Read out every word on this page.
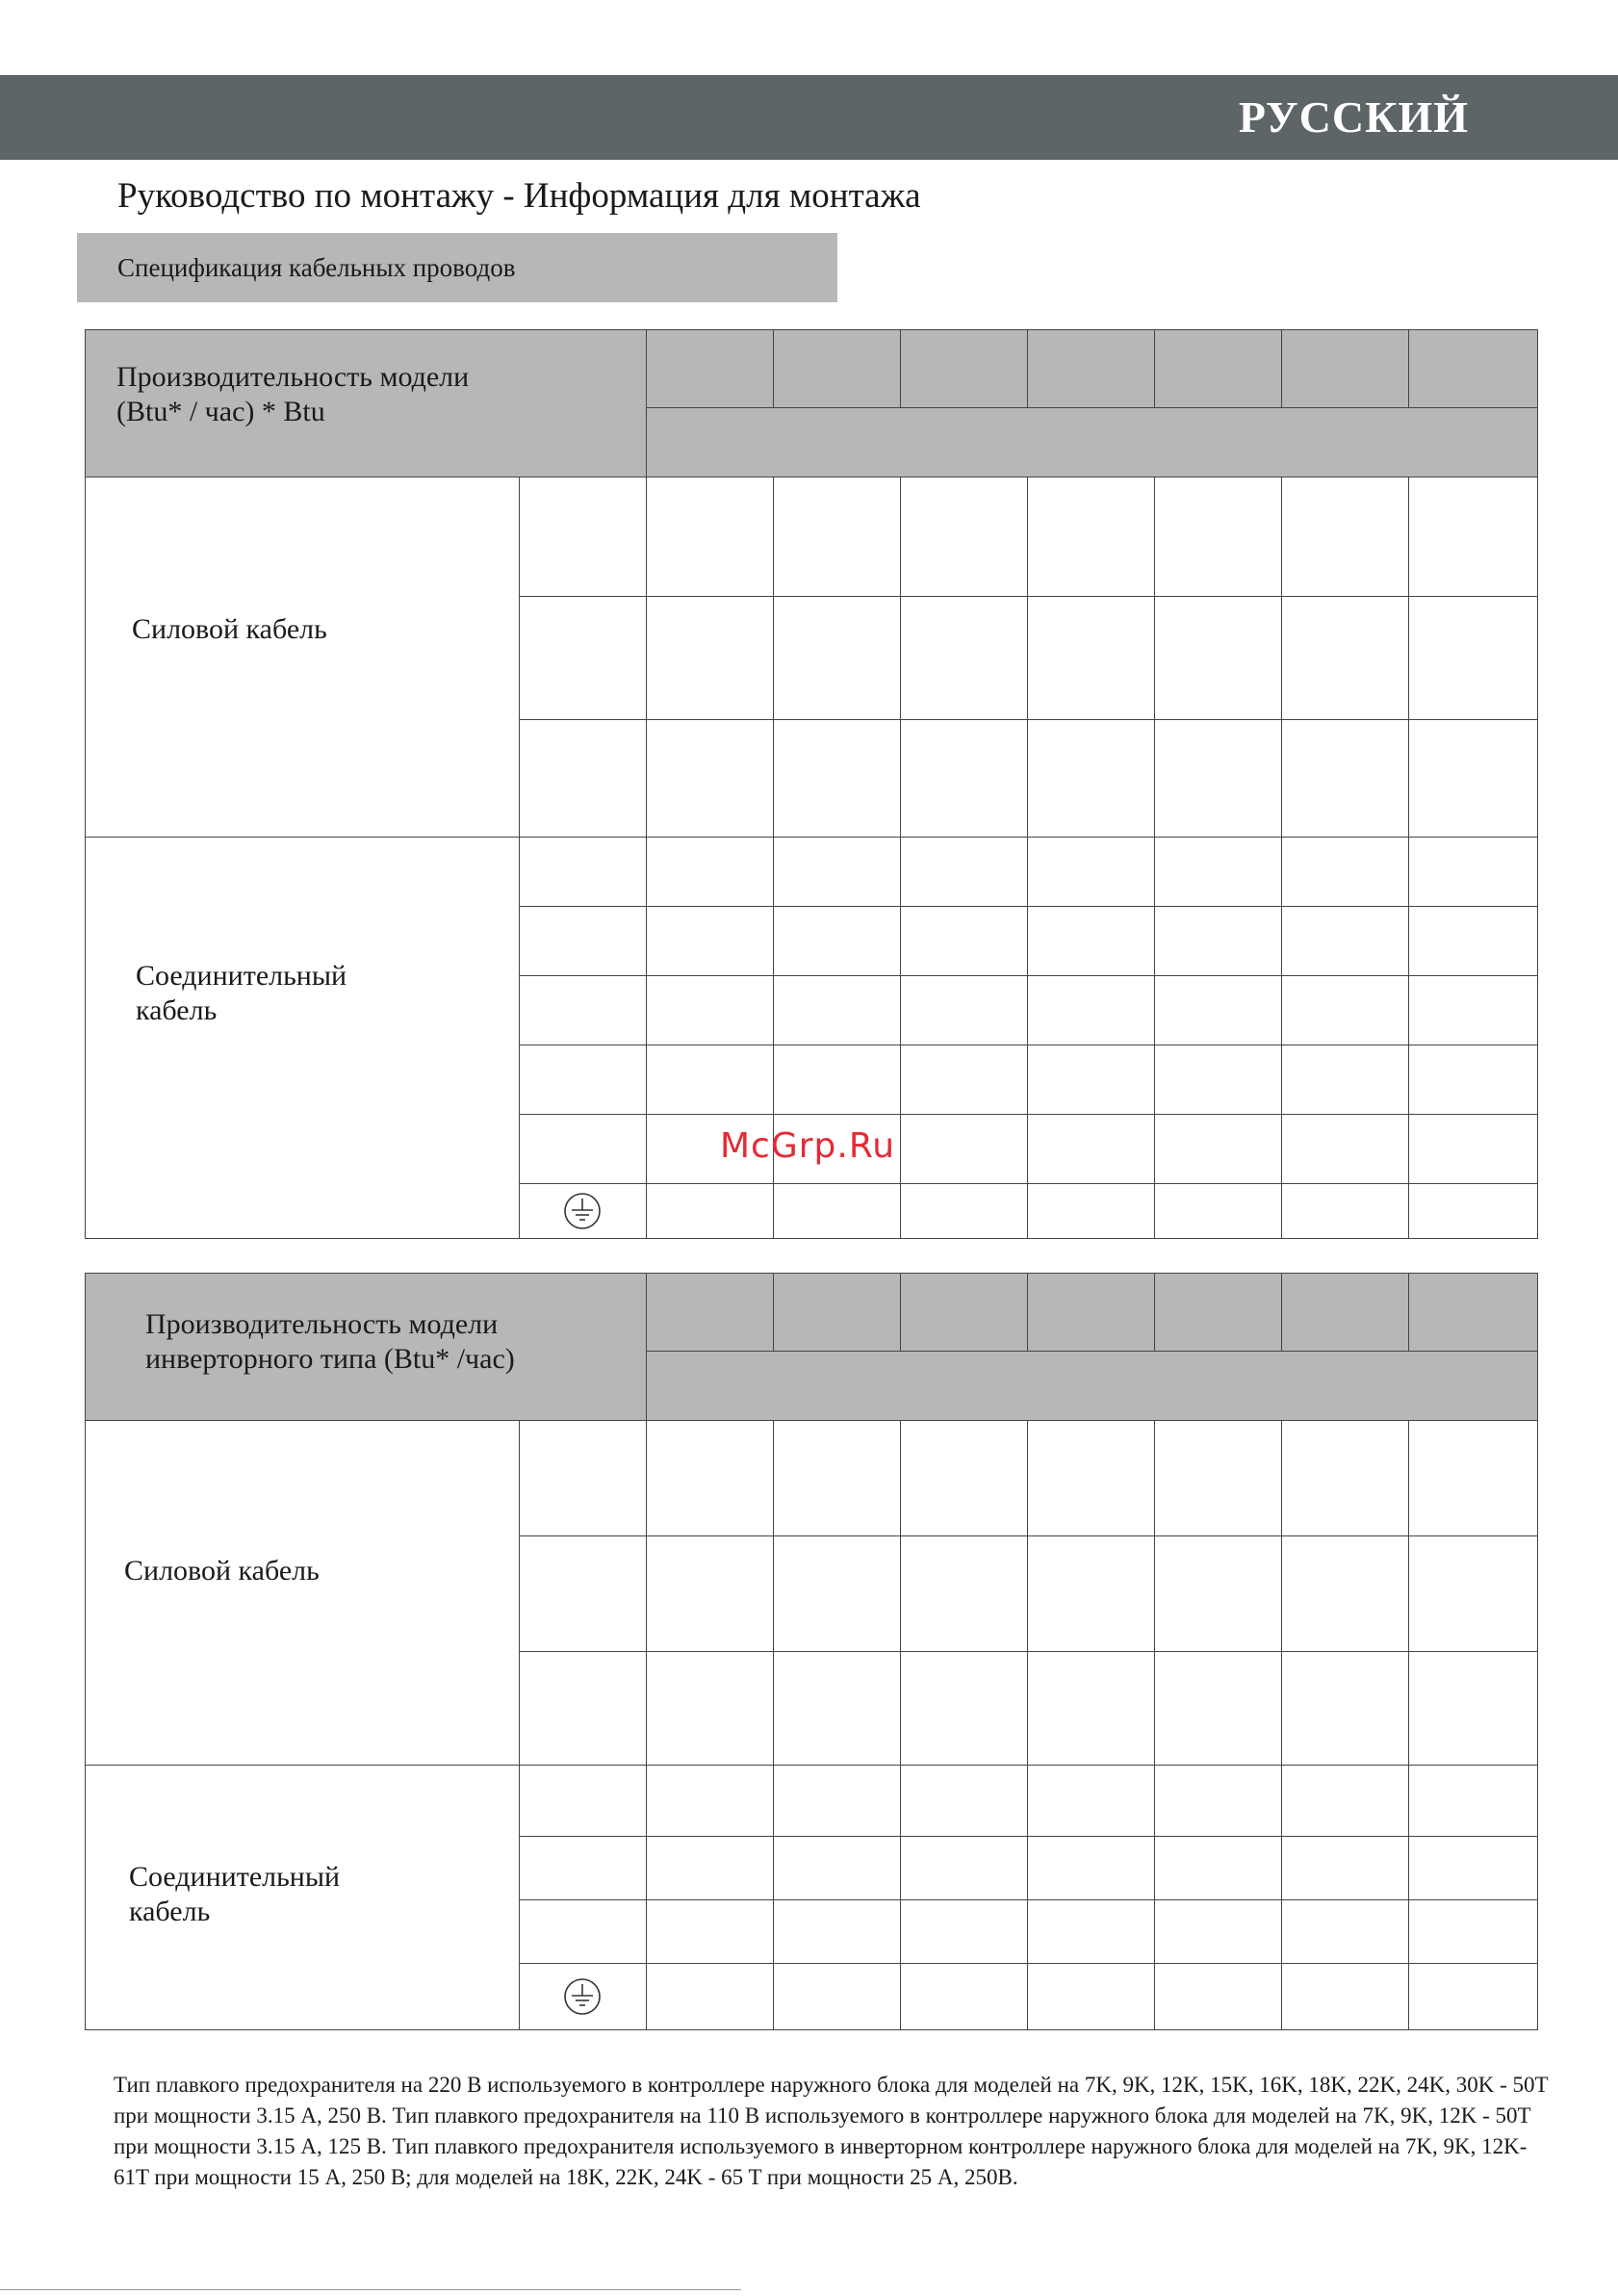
РУССКИЙ
Руководство по монтажу - Информация для монтажа
Спецификация кабельных проводов
Производительность модели
(Btu* / час) * Btu
Силовой кабель
Соединительный
кабель
Производительность модели
инверторного типа (Btu* /час)
Силовой кабель
Соединительный
кабель
McGrp.Ru
Тип плавкого предохранителя на 220 В используемого в контроллере наружного блока для моделей на 7K, 9K, 12K, 15K, 16K, 18K, 22K, 24K, 30K - 50T при мощности 3.15 А, 250 В. Тип плавкого предохранителя на 110 В используемого в контроллере наружного блока для моделей на 7K, 9K, 12K - 50T при мощности 3.15 А, 125 В. Тип плавкого предохранителя используемого в инверторном контроллере наружного блока для моделей на 7K, 9K, 12K- 61T при мощности 15 А, 250 В; для моделей на 18K, 22K, 24K - 65 T при мощности 25 А, 250В.
